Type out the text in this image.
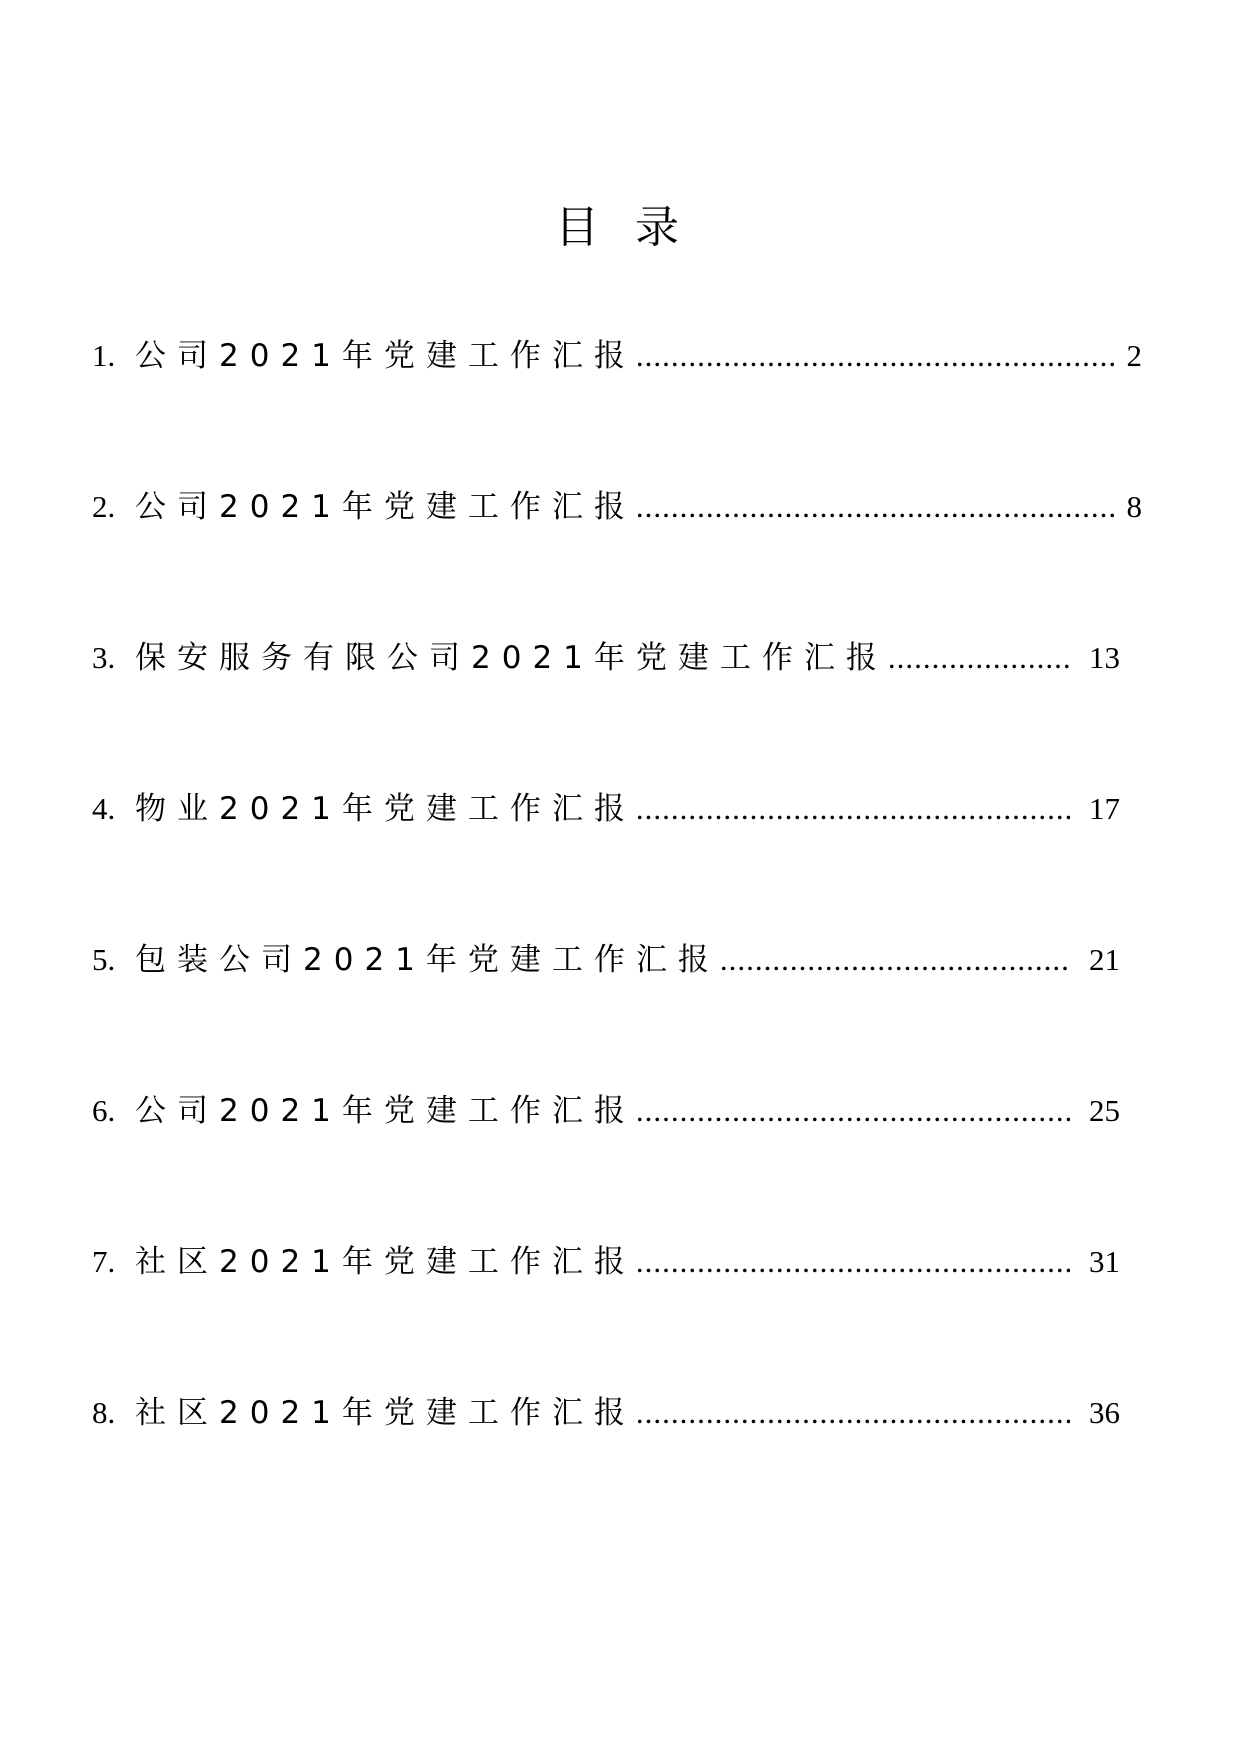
目录
1. 公司2021年党建工作汇报 .....	2
2. 公司2021年党建工作汇报 .....	8
3. 保安服务有限公司2021年党建工作汇报 .....	13
4. 物业2021年党建工作汇报 .....	17
5. 包装公司2021年党建工作汇报 .....	21
6. 公司2021年党建工作汇报 .....	25
7. 社区2021年党建工作汇报 .....	31
8. 社区2021年党建工作汇报 .....	36
